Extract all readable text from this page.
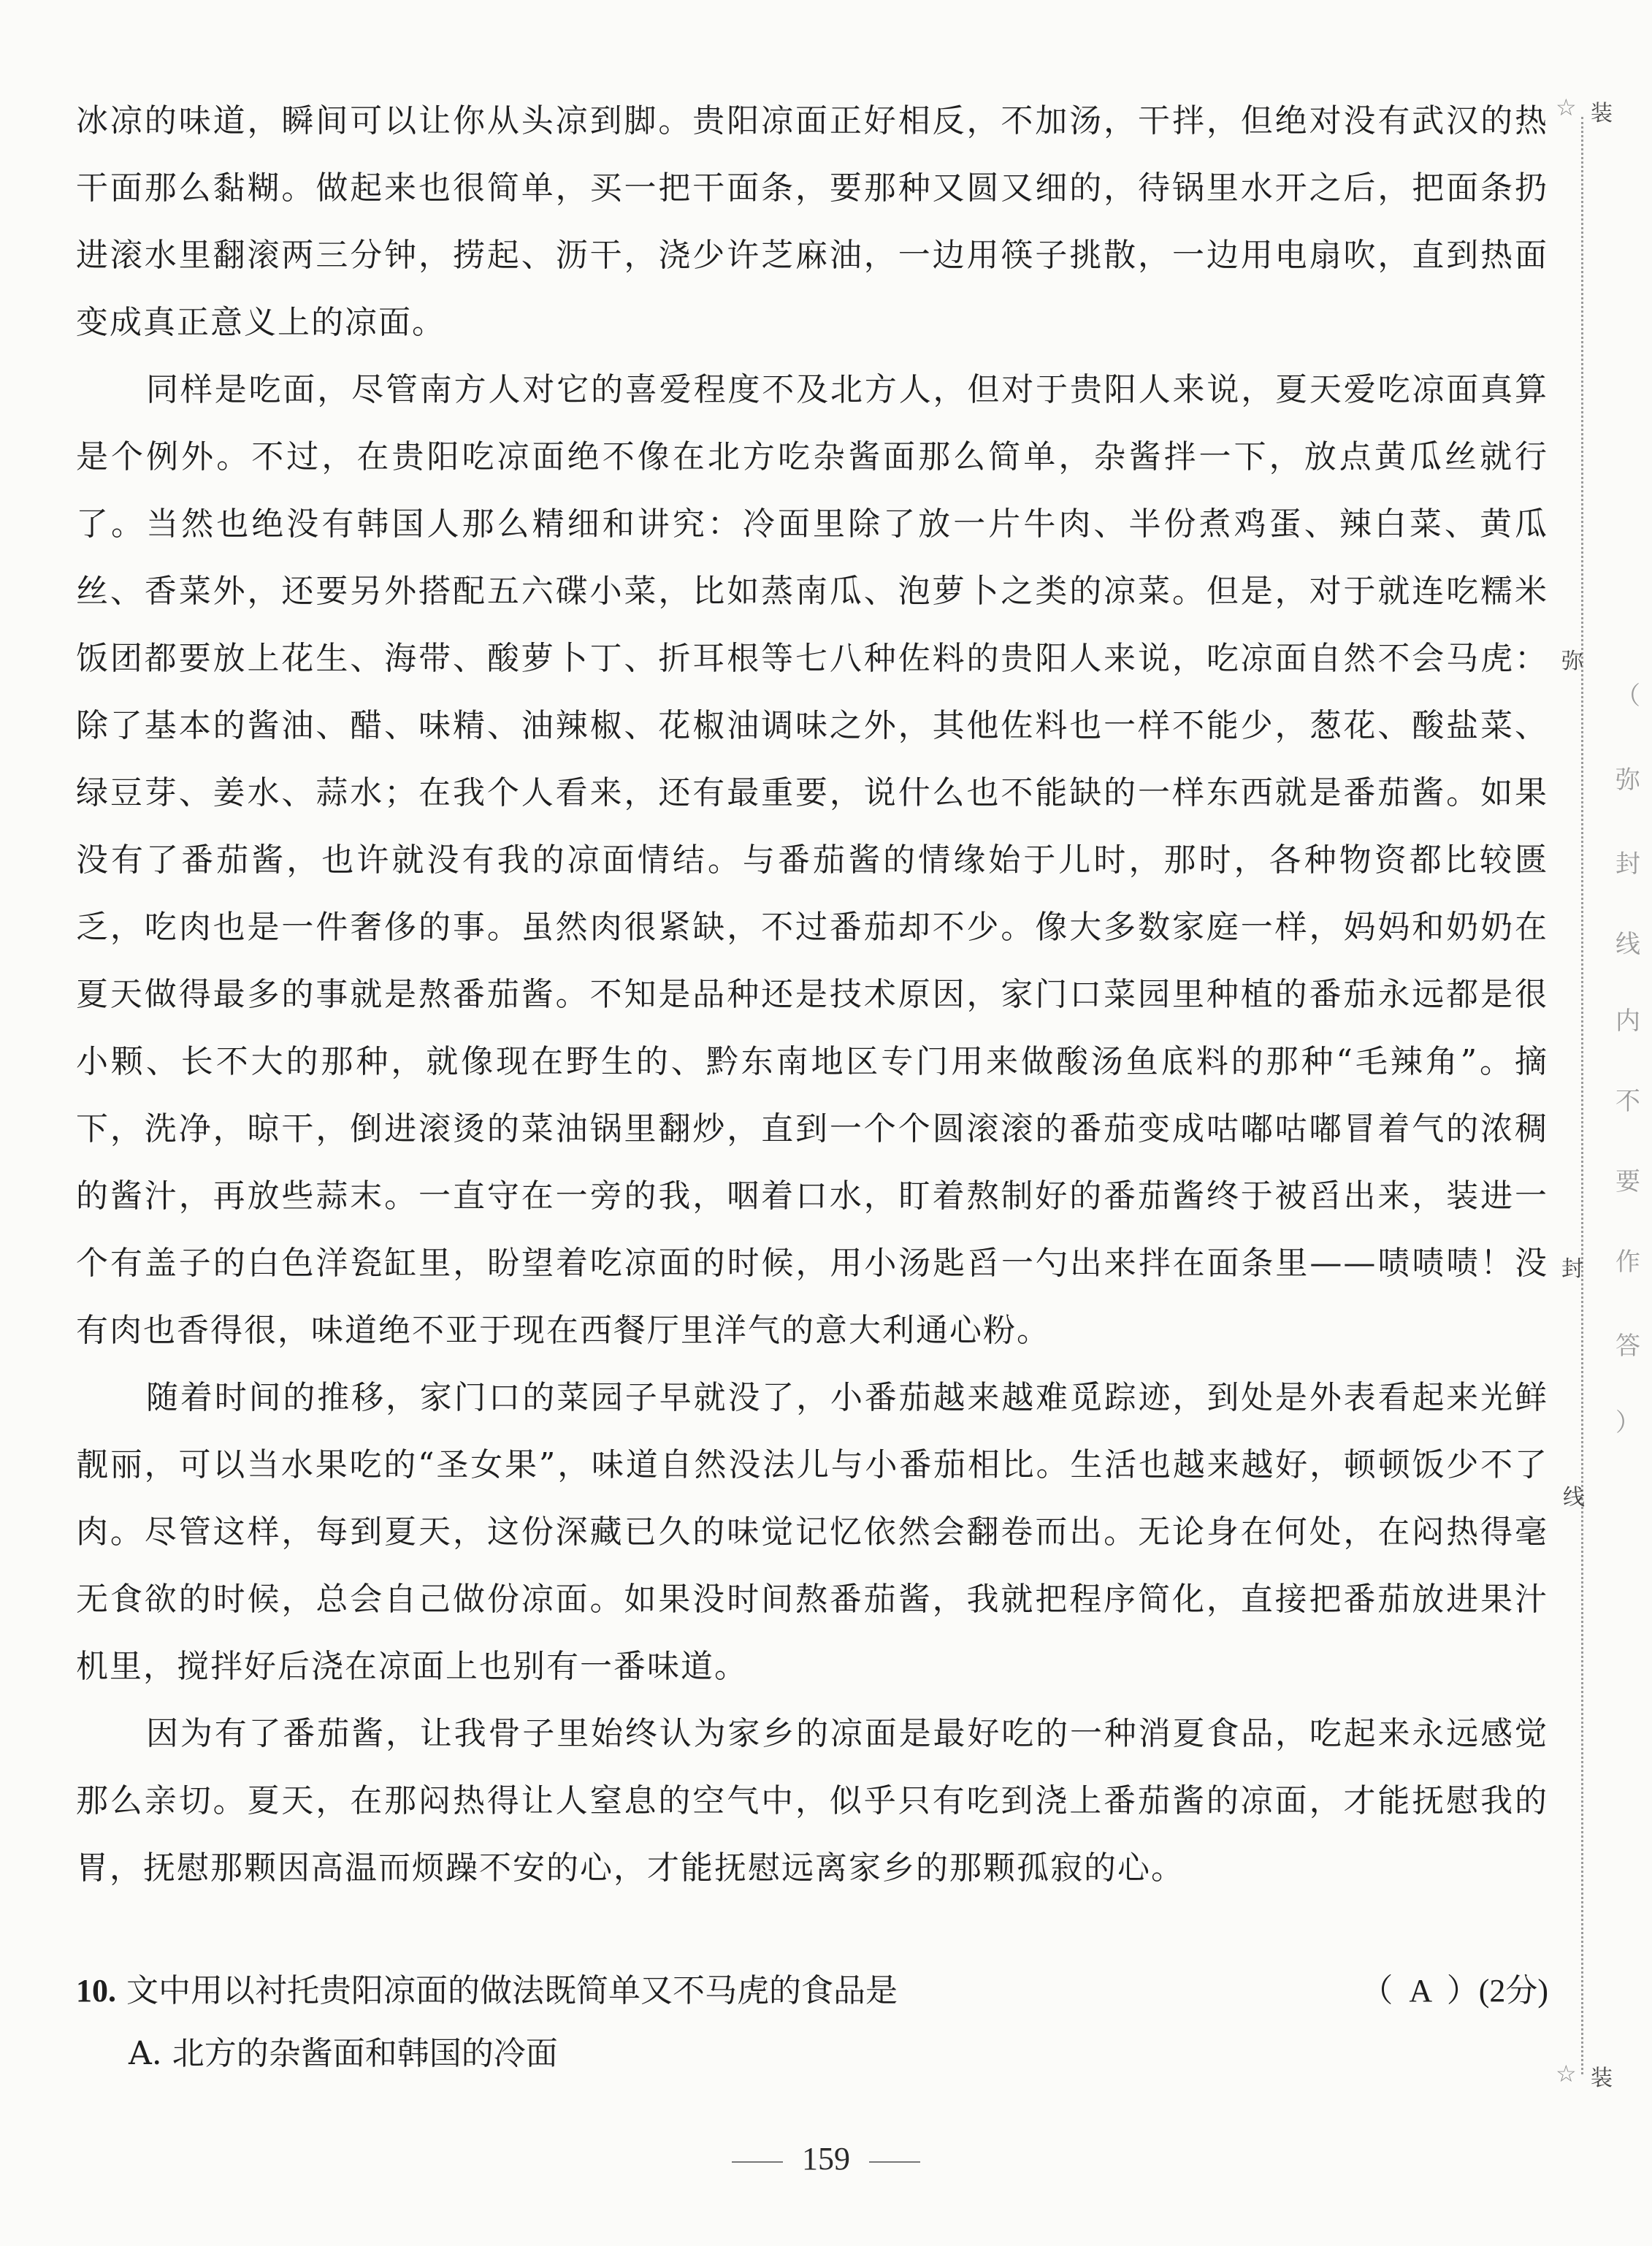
冰凉的味道，瞬间可以让你从头凉到脚。贵阳凉面正好相反，不加汤，干拌，但绝对没有武汉的热干面那么黏糊。做起来也很简单，买一把干面条，要那种又圆又细的，待锅里水开之后，把面条扔进滚水里翻滚两三分钟，捞起、沥干，浇少许芝麻油，一边用筷子挑散，一边用电扇吹，直到热面变成真正意义上的凉面。

同样是吃面，尽管南方人对它的喜爱程度不及北方人，但对于贵阳人来说，夏天爱吃凉面真算是个例外。不过，在贵阳吃凉面绝不像在北方吃杂酱面那么简单，杂酱拌一下，放点黄瓜丝就行了。当然也绝没有韩国人那么精细和讲究：冷面里除了放一片牛肉、半份煮鸡蛋、辣白菜、黄瓜丝、香菜外，还要另外搭配五六碟小菜，比如蒸南瓜、泡萝卜之类的凉菜。但是，对于就连吃糯米饭团都要放上花生、海带、酸萝卜丁、折耳根等七八种佐料的贵阳人来说，吃凉面自然不会马虎：除了基本的酱油、醋、味精、油辣椒、花椒油调味之外，其他佐料也一样不能少，葱花、酸盐菜、绿豆芽、姜水、蒜水；在我个人看来，还有最重要，说什么也不能缺的一样东西就是番茄酱。如果没有了番茄酱，也许就没有我的凉面情结。与番茄酱的情缘始于儿时，那时，各种物资都比较匮乏，吃肉也是一件奢侈的事。虽然肉很紧缺，不过番茄却不少。像大多数家庭一样，妈妈和奶奶在夏天做得最多的事就是熬番茄酱。不知是品种还是技术原因，家门口菜园里种植的番茄永远都是很小颗、长不大的那种，就像现在野生的、黔东南地区专门用来做酸汤鱼底料的那种“毛辣角”。摘下，洗净，晾干，倒进滚烫的菜油锅里翻炒，直到一个个圆滚滚的番茄变成咕嘟咕嘟冒着气的浓稠的酱汁，再放些蒜末。一直守在一旁的我，咽着口水，盯着熬制好的番茄酱终于被舀出来，装进一个有盖子的白色洋瓷缸里，盼望着吃凉面的时候，用小汤匙舀一勺出来拌在面条里——啧啧啧！没有肉也香得很，味道绝不亚于现在西餐厅里洋气的意大利通心粉。

随着时间的推移，家门口的菜园子早就没了，小番茄越来越难觅踪迹，到处是外表看起来光鲜靓丽，可以当水果吃的“圣女果”，味道自然没法儿与小番茄相比。生活也越来越好，顿顿饭少不了肉。尽管这样，每到夏天，这份深藏已久的味觉记忆依然会翻卷而出。无论身在何处，在闷热得毫无食欲的时候，总会自己做份凉面。如果没时间熬番茄酱，我就把程序简化，直接把番茄放进果汁机里，搅拌好后浇在凉面上也别有一番味道。

因为有了番茄酱，让我骨子里始终认为家乡的凉面是最好吃的一种消夏食品，吃起来永远感觉那么亲切。夏天，在那闷热得让人窒息的空气中，似乎只有吃到浇上番茄酱的凉面，才能抚慰我的胃，抚慰那颗因高温而烦躁不安的心，才能抚慰远离家乡的那颗孤寂的心。

10. 文中用以衬托贵阳凉面的做法既简单又不马虎的食品是	（  A  ）(2分)
A. 北方的杂酱面和韩国的冷面
159
☆ 装
弥
封
线
（
弥
封
线
内
不
要
作
答
）
☆ 装
